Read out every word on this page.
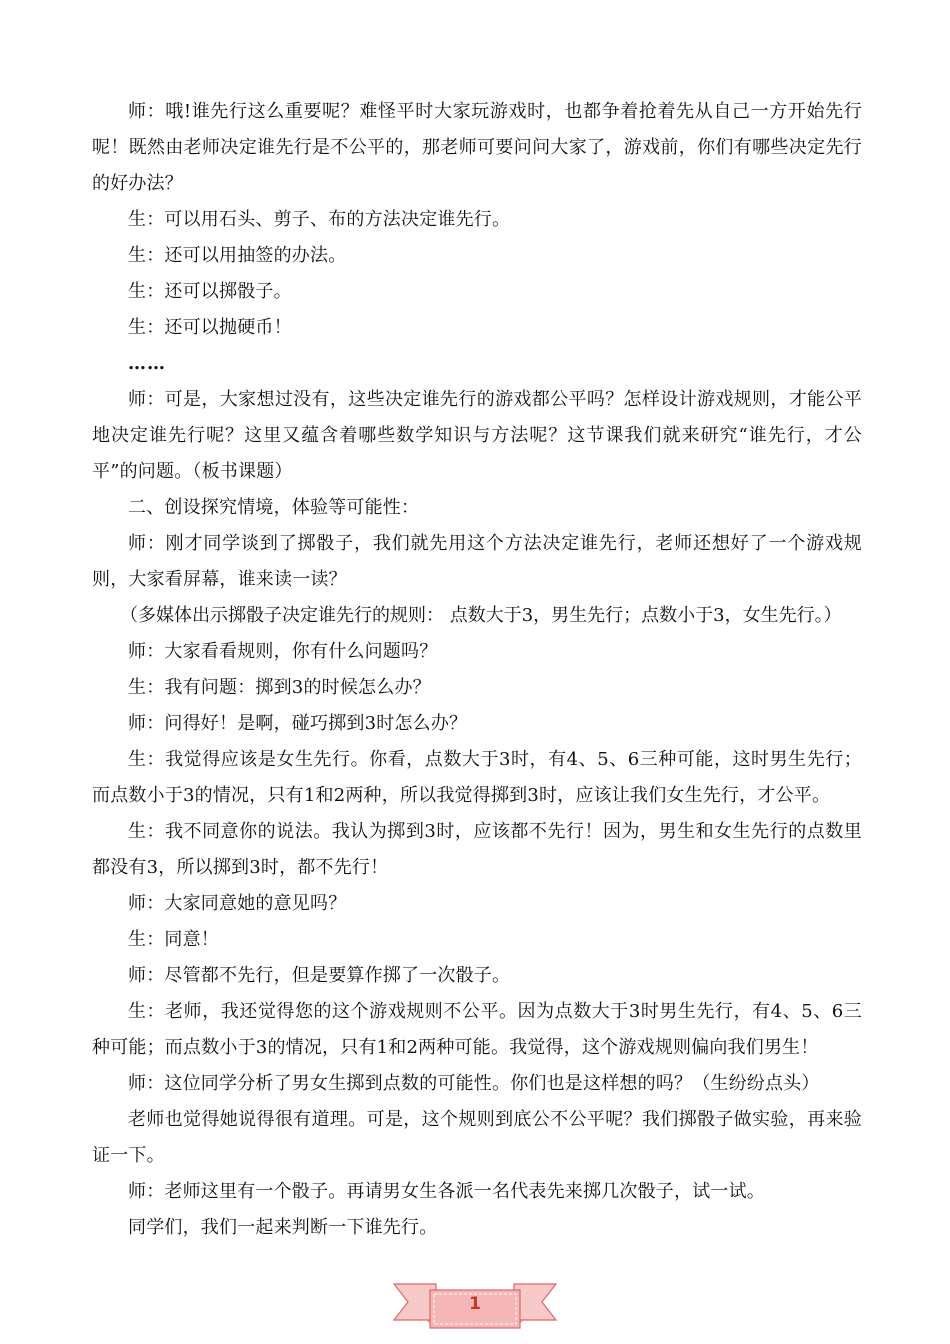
师：哦!谁先行这么重要呢？难怪平时大家玩游戏时，也都争着抢着先从自己一方开始先行呢！既然由老师决定谁先行是不公平的，那老师可要问问大家了，游戏前，你们有哪些决定先行的好办法？

生：可以用石头、剪子、布的方法决定谁先行。

生：还可以用抽签的办法。

生：还可以掷骰子。

生：还可以抛硬币！

……

师：可是，大家想过没有，这些决定谁先行的游戏都公平吗？怎样设计游戏规则，才能公平地决定谁先行呢？这里又蕴含着哪些数学知识与方法呢？这节课我们就来研究“谁先行，才公平”的问题。（板书课题）

二、创设探究情境，体验等可能性：

师：刚才同学谈到了掷骰子，我们就先用这个方法决定谁先行，老师还想好了一个游戏规则，大家看屏幕，谁来读一读？

（多媒体出示掷骰子决定谁先行的规则： 点数大于3，男生先行；点数小于3，女生先行。）

师：大家看看规则，你有什么问题吗？

生：我有问题：掷到3的时候怎么办？

师：问得好！是啊，碰巧掷到3时怎么办？

生：我觉得应该是女生先行。你看，点数大于3时，有4、5、6三种可能，这时男生先行；而点数小于3的情况，只有1和2两种，所以我觉得掷到3时，应该让我们女生先行，才公平。

生：我不同意你的说法。我认为掷到3时，应该都不先行！因为，男生和女生先行的点数里都没有3，所以掷到3时，都不先行！

师：大家同意她的意见吗？

生：同意！

师：尽管都不先行，但是要算作掷了一次骰子。

生：老师，我还觉得您的这个游戏规则不公平。因为点数大于3时男生先行，有4、5、6三种可能；而点数小于3的情况，只有1和2两种可能。我觉得，这个游戏规则偏向我们男生！

师：这位同学分析了男女生掷到点数的可能性。你们也是这样想的吗？（生纷纷点头）

老师也觉得她说得很有道理。可是，这个规则到底公不公平呢？我们掷骰子做实验，再来验证一下。

师：老师这里有一个骰子。再请男女生各派一名代表先来掷几次骰子，试一试。

同学们，我们一起来判断一下谁先行。

1
